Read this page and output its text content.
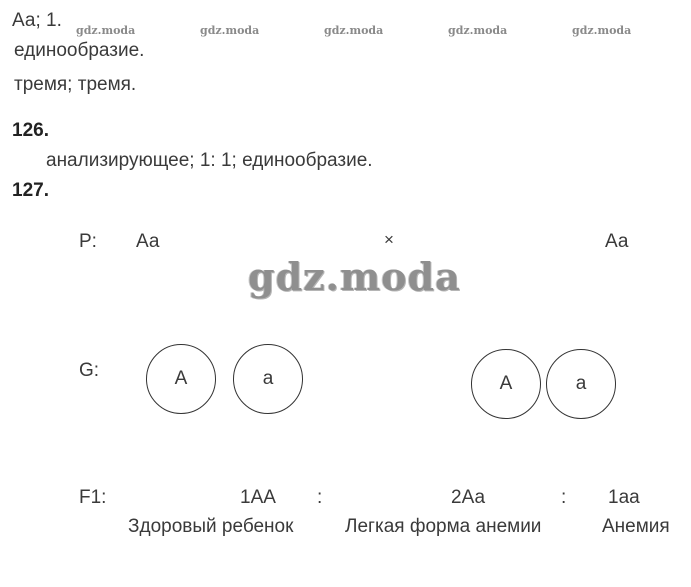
Аа; 1.
единообразие.
тремя; тремя.
gdz.moda	gdz.moda	gdz.moda	gdz.moda	gdz.moda
126.
анализирующее; 1: 1; единообразие.
127.
P: Аа	×	Аа
gdz.moda
G:	A	a	A	a
F1:	1АА :	2Аа	: 1аа
Здоровый ребенок	Легкая форма анемии	Анемия
